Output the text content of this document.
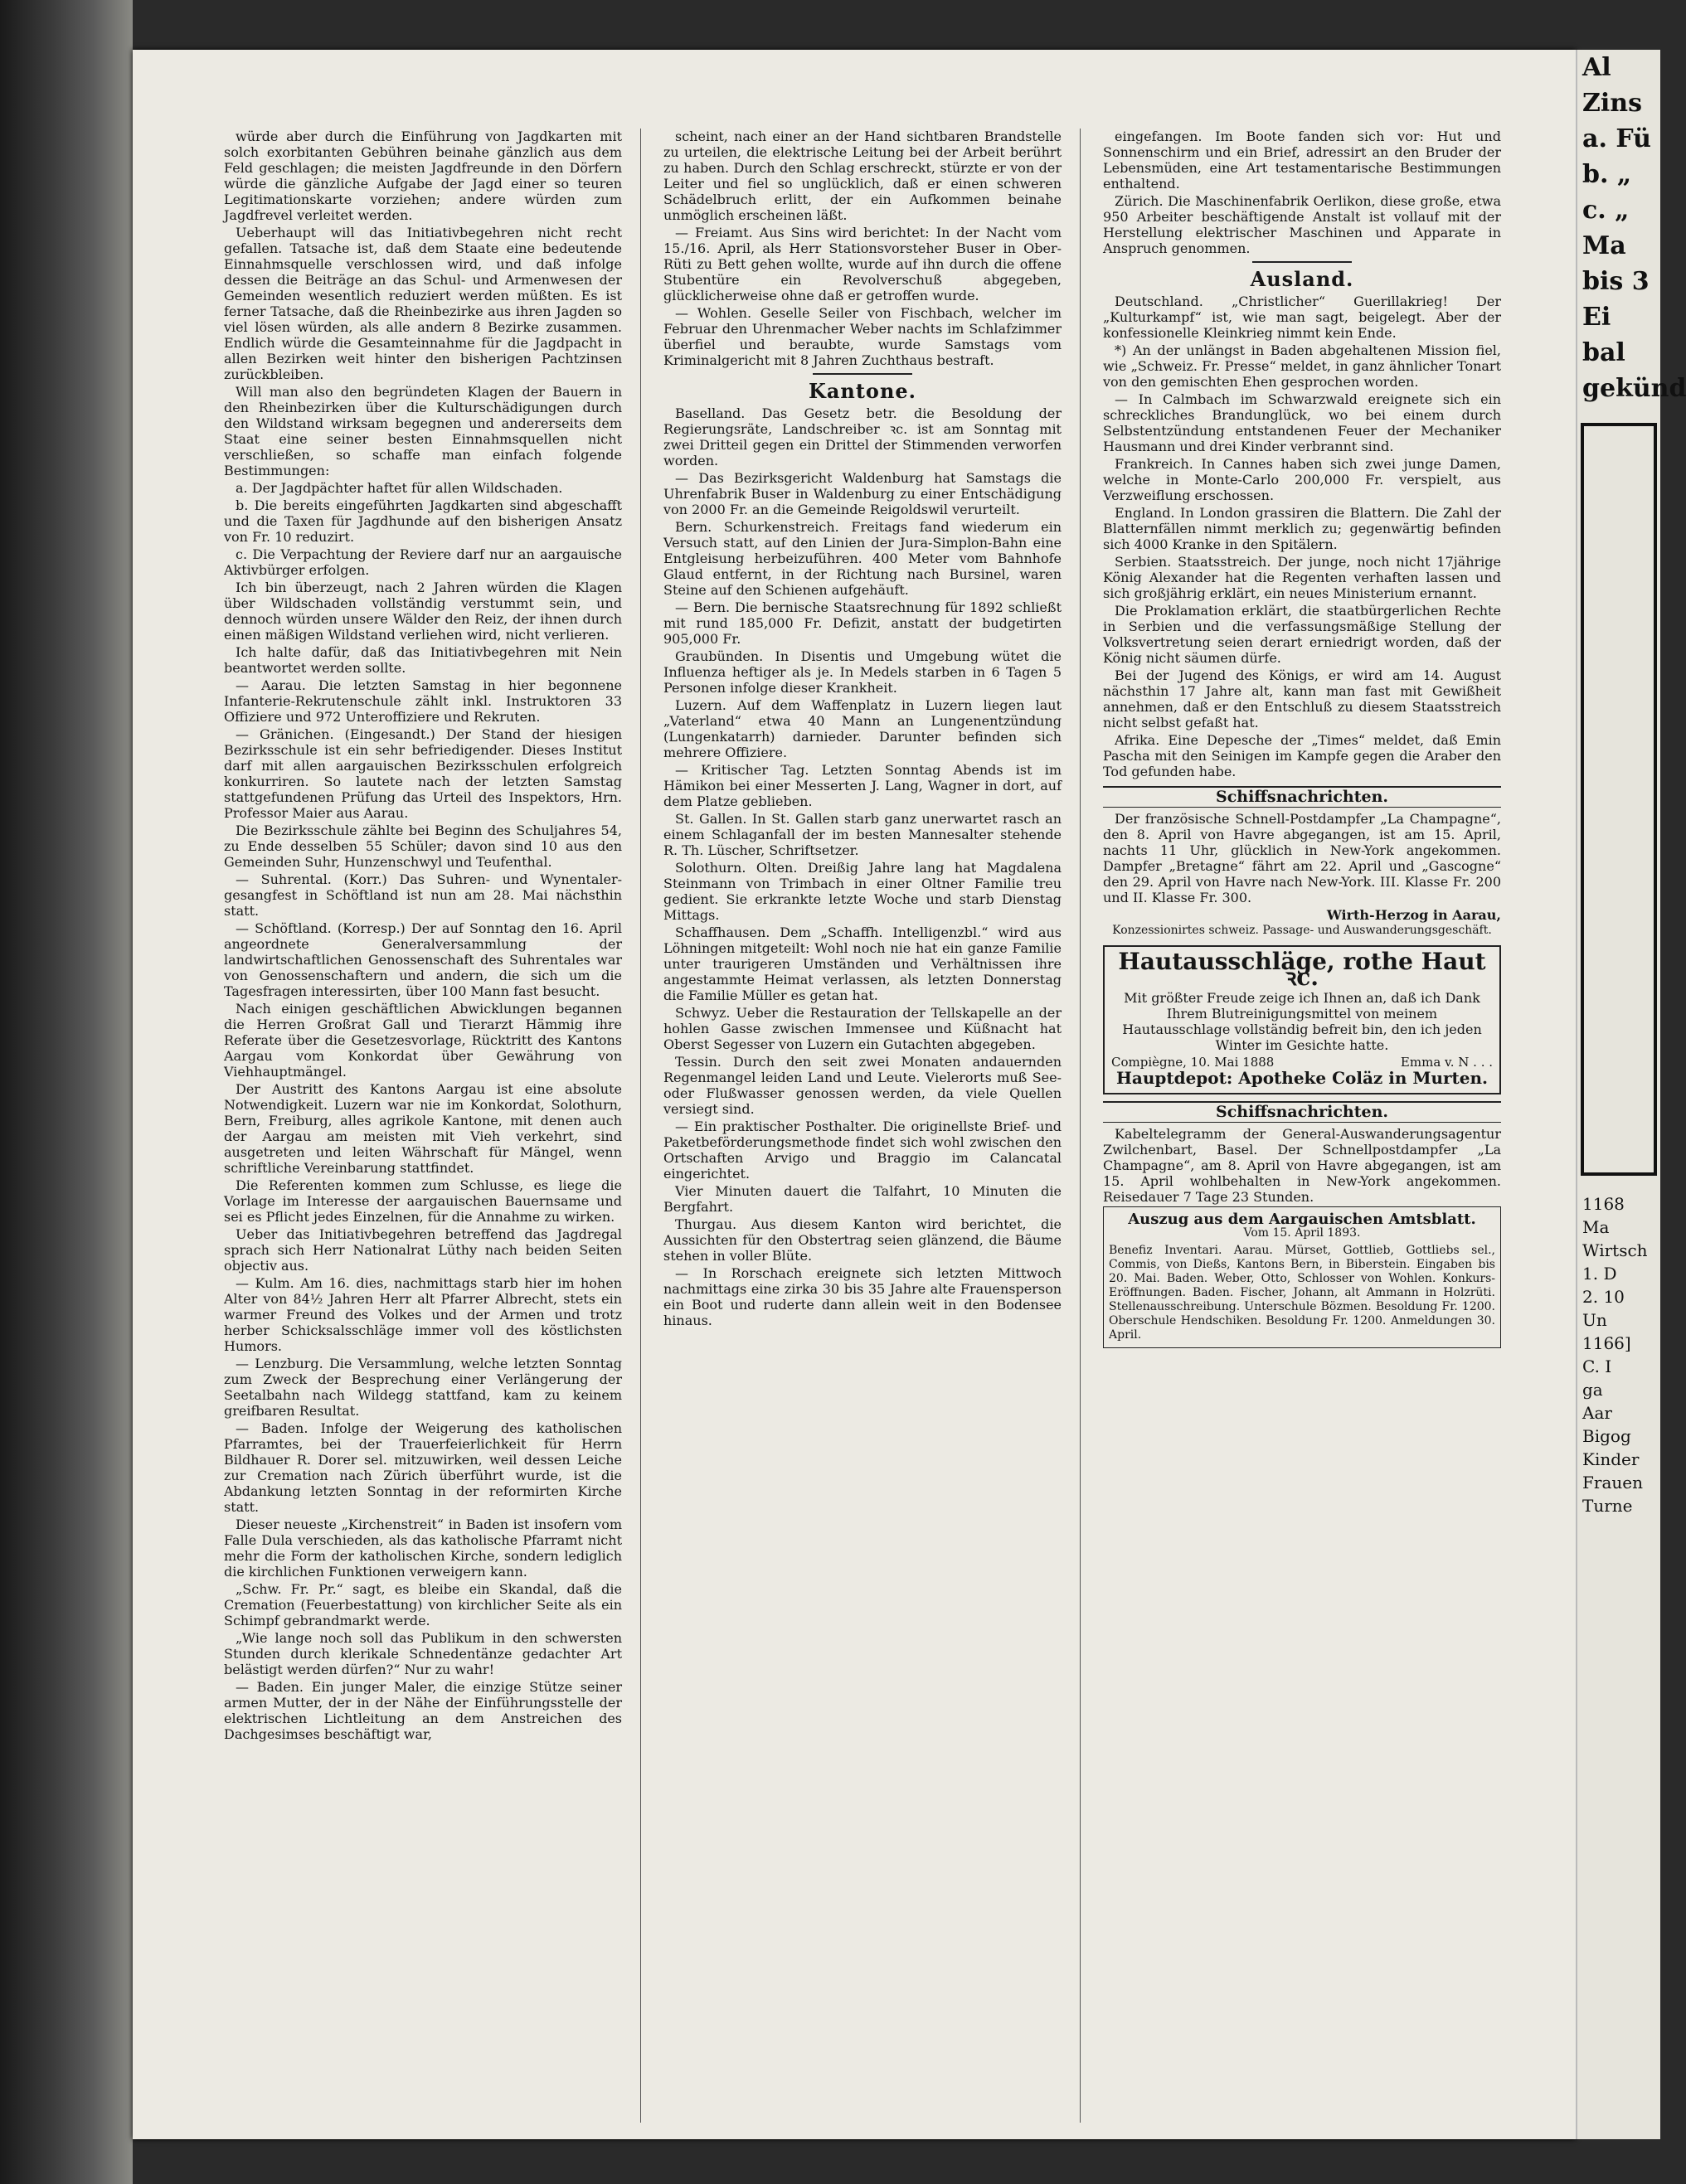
würde aber durch die Einführung von Jagdkarten mit solch exorbitanten Gebühren beinahe gänzlich aus dem Feld geschlagen; die meisten Jagdfreunde in den Dörfern würde die gänzliche Aufgabe der Jagd einer so teuren Legitimationskarte vorziehen; andere würden zum Jagdfrevel verleitet werden.

Ueberhaupt will das Initiativbegehren nicht recht gefallen. Tatsache ist, daß dem Staate eine bedeutende Einnahmsquelle verschlossen wird, und daß infolge dessen die Beiträge an das Schul- und Armenwesen der Gemeinden wesentlich reduziert werden müßten. Es ist ferner Tatsache, daß die Rheinbezirke aus ihren Jagden so viel lösen würden, als alle andern 8 Bezirke zusammen. Endlich würde die Gesamteinnahme für die Jagdpacht in allen Bezirken weit hinter den bisherigen Pachtzinsen zurückbleiben.

Will man also den begründeten Klagen der Bauern in den Rheinbezirken über die Kulturschädigungen durch den Wildstand wirksam begegnen und andererseits dem Staat eine seiner besten Einnahmsquellen nicht verschließen, so schaffe man einfach folgende Bestimmungen:

a. Der Jagdpächter haftet für allen Wildschaden.

b. Die bereits eingeführten Jagdkarten sind abgeschafft und die Taxen für Jagdhunde auf den bisherigen Ansatz von Fr. 10 reduzirt.

c. Die Verpachtung der Reviere darf nur an aargauische Aktivbürger erfolgen.

Ich bin überzeugt, nach 2 Jahren würden die Klagen über Wildschaden vollständig verstummt sein, und dennoch würden unsere Wälder den Reiz, der ihnen durch einen mäßigen Wildstand verliehen wird, nicht verlieren.

Ich halte dafür, daß das Initiativbegehren mit Nein beantwortet werden sollte.

— Aarau. Die letzten Samstag in hier begonnene Infanterie-Rekrutenschule zählt inkl. Instruktoren 33 Offiziere und 972 Unteroffiziere und Rekruten.

— Gränichen. (Eingesandt.) Der Stand der hiesigen Bezirksschule ist ein sehr befriedigender. Dieses Institut darf mit allen aargauischen Bezirksschulen erfolgreich konkurriren. So lautete nach der letzten Samstag stattgefundenen Prüfung das Urteil des Inspektors, Hrn. Professor Maier aus Aarau.

Die Bezirksschule zählte bei Beginn des Schuljahres 54, zu Ende desselben 55 Schüler; davon sind 10 aus den Gemeinden Suhr, Hunzenschwyl und Teufenthal.

— Suhrental. (Korr.) Das Suhren- und Wynentaler-gesangfest in Schöftland ist nun am 28. Mai nächsthin statt.

— Schöftland. (Korresp.) Der auf Sonntag den 16. April angeordnete Generalversammlung der landwirtschaftlichen Genossenschaft des Suhrentales war von Genossenschaftern und andern, die sich um die Tagesfragen interessirten, über 100 Mann fast besucht.

Nach einigen geschäftlichen Abwicklungen begannen die Herren Großrat Gall und Tierarzt Hämmig ihre Referate über die Gesetzesvorlage, Rücktritt des Kantons Aargau vom Konkordat über Gewährung von Viehhauptmängel.

Der Austritt des Kantons Aargau ist eine absolute Notwendigkeit. Luzern war nie im Konkordat, Solothurn, Bern, Freiburg, alles agrikole Kantone, mit denen auch der Aargau am meisten mit Vieh verkehrt, sind ausgetreten und leiten Währschaft für Mängel, wenn schriftliche Vereinbarung stattfindet.

Die Referenten kommen zum Schlusse, es liege die Vorlage im Interesse der aargauischen Bauernsame und sei es Pflicht jedes Einzelnen, für die Annahme zu wirken.

Ueber das Initiativbegehren betreffend das Jagdregal sprach sich Herr Nationalrat Lüthy nach beiden Seiten objectiv aus.

— Kulm. Am 16. dies, nachmittags starb hier im hohen Alter von 84½ Jahren Herr alt Pfarrer Albrecht, stets ein warmer Freund des Volkes und der Armen und trotz herber Schicksalsschläge immer voll des köstlichsten Humors.

— Lenzburg. Die Versammlung, welche letzten Sonntag zum Zweck der Besprechung einer Verlängerung der Seetalbahn nach Wildegg stattfand, kam zu keinem greifbaren Resultat.

— Baden. Infolge der Weigerung des katholischen Pfarramtes, bei der Trauerfeierlichkeit für Herrn Bildhauer R. Dorer sel. mitzuwirken, weil dessen Leiche zur Cremation nach Zürich überführt wurde, ist die Abdankung letzten Sonntag in der reformirten Kirche statt.

Dieser neueste „Kirchenstreit“ in Baden ist insofern vom Falle Dula verschieden, als das katholische Pfarramt nicht mehr die Form der katholischen Kirche, sondern lediglich die kirchlichen Funktionen verweigern kann.

„Schw. Fr. Pr.“ sagt, es bleibe ein Skandal, daß die Cremation (Feuerbestattung) von kirchlicher Seite als ein Schimpf gebrandmarkt werde.

„Wie lange noch soll das Publikum in den schwersten Stunden durch klerikale Schnedentänze gedachter Art belästigt werden dürfen?“ Nur zu wahr!

— Baden. Ein junger Maler, die einzige Stütze seiner armen Mutter, der in der Nähe der Einführungsstelle der elektrischen Lichtleitung an dem Anstreichen des Dachgesimses beschäftigt war,

scheint, nach einer an der Hand sichtbaren Brandstelle zu urteilen, die elektrische Leitung bei der Arbeit berührt zu haben. Durch den Schlag erschreckt, stürzte er von der Leiter und fiel so unglücklich, daß er einen schweren Schädelbruch erlitt, der ein Aufkommen beinahe unmöglich erscheinen läßt.

— Freiamt. Aus Sins wird berichtet: In der Nacht vom 15./16. April, als Herr Stationsvorsteher Buser in Ober-Rüti zu Bett gehen wollte, wurde auf ihn durch die offene Stubentüre ein Revolverschuß abgegeben, glücklicherweise ohne daß er getroffen wurde.

— Wohlen. Geselle Seiler von Fischbach, welcher im Februar den Uhrenmacher Weber nachts im Schlafzimmer überfiel und beraubte, wurde Samstags vom Kriminalgericht mit 8 Jahren Zuchthaus bestraft.

Kantone.

Baselland. Das Gesetz betr. die Besoldung der Regierungsräte, Landschreiber ꝛc. ist am Sonntag mit zwei Dritteil gegen ein Drittel der Stimmenden verworfen worden.

— Das Bezirksgericht Waldenburg hat Samstags die Uhrenfabrik Buser in Waldenburg zu einer Entschädigung von 2000 Fr. an die Gemeinde Reigoldswil verurteilt.

Bern. Schurkenstreich. Freitags fand wiederum ein Versuch statt, auf den Linien der Jura-Simplon-Bahn eine Entgleisung herbeizuführen. 400 Meter vom Bahnhofe Glaud entfernt, in der Richtung nach Bursinel, waren Steine auf den Schienen aufgehäuft.

— Bern. Die bernische Staatsrechnung für 1892 schließt mit rund 185,000 Fr. Defizit, anstatt der budgetirten 905,000 Fr.

Graubünden. In Disentis und Umgebung wütet die Influenza heftiger als je. In Medels starben in 6 Tagen 5 Personen infolge dieser Krankheit.

Luzern. Auf dem Waffenplatz in Luzern liegen laut „Vaterland“ etwa 40 Mann an Lungenentzündung (Lungenkatarrh) darnieder. Darunter befinden sich mehrere Offiziere.

— Kritischer Tag. Letzten Sonntag Abends ist im Hämikon bei einer Messerten J. Lang, Wagner in dort, auf dem Platze geblieben.

St. Gallen. In St. Gallen starb ganz unerwartet rasch an einem Schlaganfall der im besten Mannesalter stehende R. Th. Lüscher, Schriftsetzer.

Solothurn. Olten. Dreißig Jahre lang hat Magdalena Steinmann von Trimbach in einer Oltner Familie treu gedient. Sie erkrankte letzte Woche und starb Dienstag Mittags.

Schaffhausen. Dem „Schaffh. Intelligenzbl.“ wird aus Löhningen mitgeteilt: Wohl noch nie hat ein ganze Familie unter traurigeren Umständen und Verhältnissen ihre angestammte Heimat verlassen, als letzten Donnerstag die Familie Müller es getan hat.

Schwyz. Ueber die Restauration der Tellskapelle an der hohlen Gasse zwischen Immensee und Küßnacht hat Oberst Segesser von Luzern ein Gutachten abgegeben.

Tessin. Durch den seit zwei Monaten andauernden Regenmangel leiden Land und Leute. Vielerorts muß See- oder Flußwasser genossen werden, da viele Quellen versiegt sind.

— Ein praktischer Posthalter. Die originellste Brief- und Paketbeförderungsmethode findet sich wohl zwischen den Ortschaften Arvigo und Braggio im Calancatal eingerichtet.

Vier Minuten dauert die Talfahrt, 10 Minuten die Bergfahrt.

Thurgau. Aus diesem Kanton wird berichtet, die Aussichten für den Obstertrag seien glänzend, die Bäume stehen in voller Blüte.

— In Rorschach ereignete sich letzten Mittwoch nachmittags eine zirka 30 bis 35 Jahre alte Frauensperson ein Boot und ruderte dann allein weit in den Bodensee hinaus.

eingefangen. Im Boote fanden sich vor: Hut und Sonnenschirm und ein Brief, adressirt an den Bruder der Lebensmüden, eine Art testamentarische Bestimmungen enthaltend.

Zürich. Die Maschinenfabrik Oerlikon, diese große, etwa 950 Arbeiter beschäftigende Anstalt ist vollauf mit der Herstellung elektrischer Maschinen und Apparate in Anspruch genommen.

Ausland.

Deutschland. „Christlicher“ Guerillakrieg! Der „Kulturkampf“ ist, wie man sagt, beigelegt. Aber der konfessionelle Kleinkrieg nimmt kein Ende.

*) An der unlängst in Baden abgehaltenen Mission fiel, wie „Schweiz. Fr. Presse“ meldet, in ganz ähnlicher Tonart von den gemischten Ehen gesprochen worden.

— In Calmbach im Schwarzwald ereignete sich ein schreckliches Brandunglück, wo bei einem durch Selbstentzündung entstandenen Feuer der Mechaniker Hausmann und drei Kinder verbrannt sind.

Frankreich. In Cannes haben sich zwei junge Damen, welche in Monte-Carlo 200,000 Fr. verspielt, aus Verzweiflung erschossen.

England. In London grassiren die Blattern. Die Zahl der Blatternfällen nimmt merklich zu; gegenwärtig befinden sich 4000 Kranke in den Spitälern.

Serbien. Staatsstreich. Der junge, noch nicht 17jährige König Alexander hat die Regenten verhaften lassen und sich großjährig erklärt, ein neues Ministerium ernannt.

Die Proklamation erklärt, die staatbürgerlichen Rechte in Serbien und die verfassungsmäßige Stellung der Volksvertretung seien derart erniedrigt worden, daß der König nicht säumen dürfe.

Bei der Jugend des Königs, er wird am 14. August nächsthin 17 Jahre alt, kann man fast mit Gewißheit annehmen, daß er den Entschluß zu diesem Staatsstreich nicht selbst gefaßt hat.

Afrika. Eine Depesche der „Times“ meldet, daß Emin Pascha mit den Seinigen im Kampfe gegen die Araber den Tod gefunden habe.

Schiffsnachrichten.

Der französische Schnell-Postdampfer „La Champagne“, den 8. April von Havre abgegangen, ist am 15. April, nachts 11 Uhr, glücklich in New-York angekommen. Dampfer „Bretagne“ fährt am 22. April und „Gascogne“ den 29. April von Havre nach New-York. III. Klasse Fr. 200 und II. Klasse Fr. 300.

Wirth-Herzog in Aarau,
Konzessionirtes schweiz. Passage- und Auswanderungsgeschäft.
Hautausschläge, rothe Haut ꝛc.

Mit größter Freude zeige ich Ihnen an, daß ich Dank Ihrem Blutreinigungsmittel von meinem Hautausschlage vollständig befreit bin, den ich jeden Winter im Gesichte hatte.

Compiègne, 10. Mai 1888	Emma v. N . . .
Hauptdepot: Apotheke Coläz in Murten.
Schiffsnachrichten.

Kabeltelegramm der General-Auswanderungsagentur Zwilchenbart, Basel. Der Schnellpostdampfer „La Champagne“, am 8. April von Havre abgegangen, ist am 15. April wohlbehalten in New-York angekommen. Reisedauer 7 Tage 23 Stunden.

Auszug aus dem Aargauischen Amtsblatt.
Vom 15. April 1893.
Benefiz Inventari. Aarau. Mürset, Gottlieb, Gottliebs sel., Commis, von Dießs, Kantons Bern, in Biberstein. Eingaben bis 20. Mai. Baden. Weber, Otto, Schlosser von Wohlen. Konkurs-Eröffnungen. Baden. Fischer, Johann, alt Ammann in Holzrüti. Stellenausschreibung. Unterschule Bözmen. Besoldung Fr. 1200. Oberschule Hendschiken. Besoldung Fr. 1200. Anmeldungen 30. April.
Al
Zins
a. Fü
b. „
c. „
Ma
bis 3
Ei
bal
gekünd
1168
Ma
Wirtsch
1. D
2. 10
Un
1166]
C. I
ga
Aar
Bigog
Kinder
Frauen
Turne
